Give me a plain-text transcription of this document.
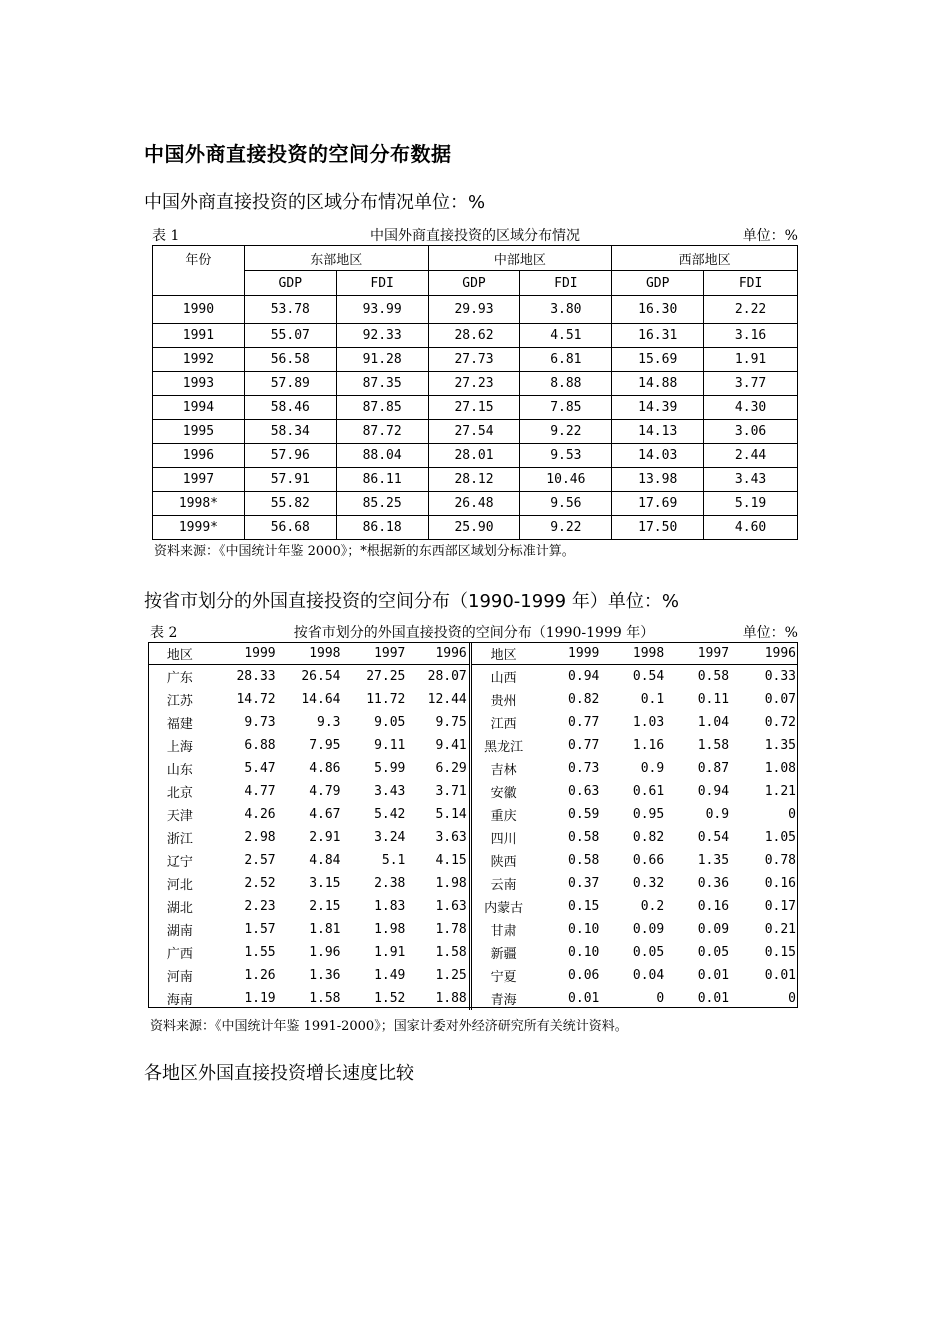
中国外商直接投资的空间分布数据
中国外商直接投资的区域分布情况单位：%
表 1	中国外商直接投资的区域分布情况	单位：%
年份	东部地区		中部地区		西部地区	
	GDP	FDI	GDP	FDI	GDP	FDI
1990	53.78	93.99	29.93	3.80	16.30	2.22
1991	55.07	92.33	28.62	4.51	16.31	3.16
1992	56.58	91.28	27.73	6.81	15.69	1.91
1993	57.89	87.35	27.23	8.88	14.88	3.77
1994	58.46	87.85	27.15	7.85	14.39	4.30
1995	58.34	87.72	27.54	9.22	14.13	3.06
1996	57.96	88.04	28.01	9.53	14.03	2.44
1997	57.91	86.11	28.12	10.46	13.98	3.43
1998*	55.82	85.25	26.48	9.56	17.69	5.19
1999*	56.68	86.18	25.90	9.22	17.50	4.60
资料来源：《中国统计年鉴 2000》；*根据新的东西部区域划分标准计算。
按省市划分的外国直接投资的空间分布（1990-1999 年）单位：%
表 2	按省市划分的外国直接投资的空间分布（1990-1999 年）	单位：%
地区	1999	1998	1997	1996	地区	1999	1998	1997	1996
广东	28.33	26.54	27.25	28.07	山西	0.94	0.54	0.58	0.33
江苏	14.72	14.64	11.72	12.44	贵州	0.82	0.1	0.11	0.07
福建	9.73	9.3	9.05	9.75	江西	0.77	1.03	1.04	0.72
上海	6.88	7.95	9.11	9.41	黑龙江	0.77	1.16	1.58	1.35
山东	5.47	4.86	5.99	6.29	吉林	0.73	0.9	0.87	1.08
北京	4.77	4.79	3.43	3.71	安徽	0.63	0.61	0.94	1.21
天津	4.26	4.67	5.42	5.14	重庆	0.59	0.95	0.9	0
浙江	2.98	2.91	3.24	3.63	四川	0.58	0.82	0.54	1.05
辽宁	2.57	4.84	5.1	4.15	陕西	0.58	0.66	1.35	0.78
河北	2.52	3.15	2.38	1.98	云南	0.37	0.32	0.36	0.16
湖北	2.23	2.15	1.83	1.63	内蒙古	0.15	0.2	0.16	0.17
湖南	1.57	1.81	1.98	1.78	甘肃	0.10	0.09	0.09	0.21
广西	1.55	1.96	1.91	1.58	新疆	0.10	0.05	0.05	0.15
河南	1.26	1.36	1.49	1.25	宁夏	0.06	0.04	0.01	0.01
海南	1.19	1.58	1.52	1.88	青海	0.01	0	0.01	0
资料来源：《中国统计年鉴 1991-2000》；国家计委对外经济研究所有关统计资料。
各地区外国直接投资增长速度比较
